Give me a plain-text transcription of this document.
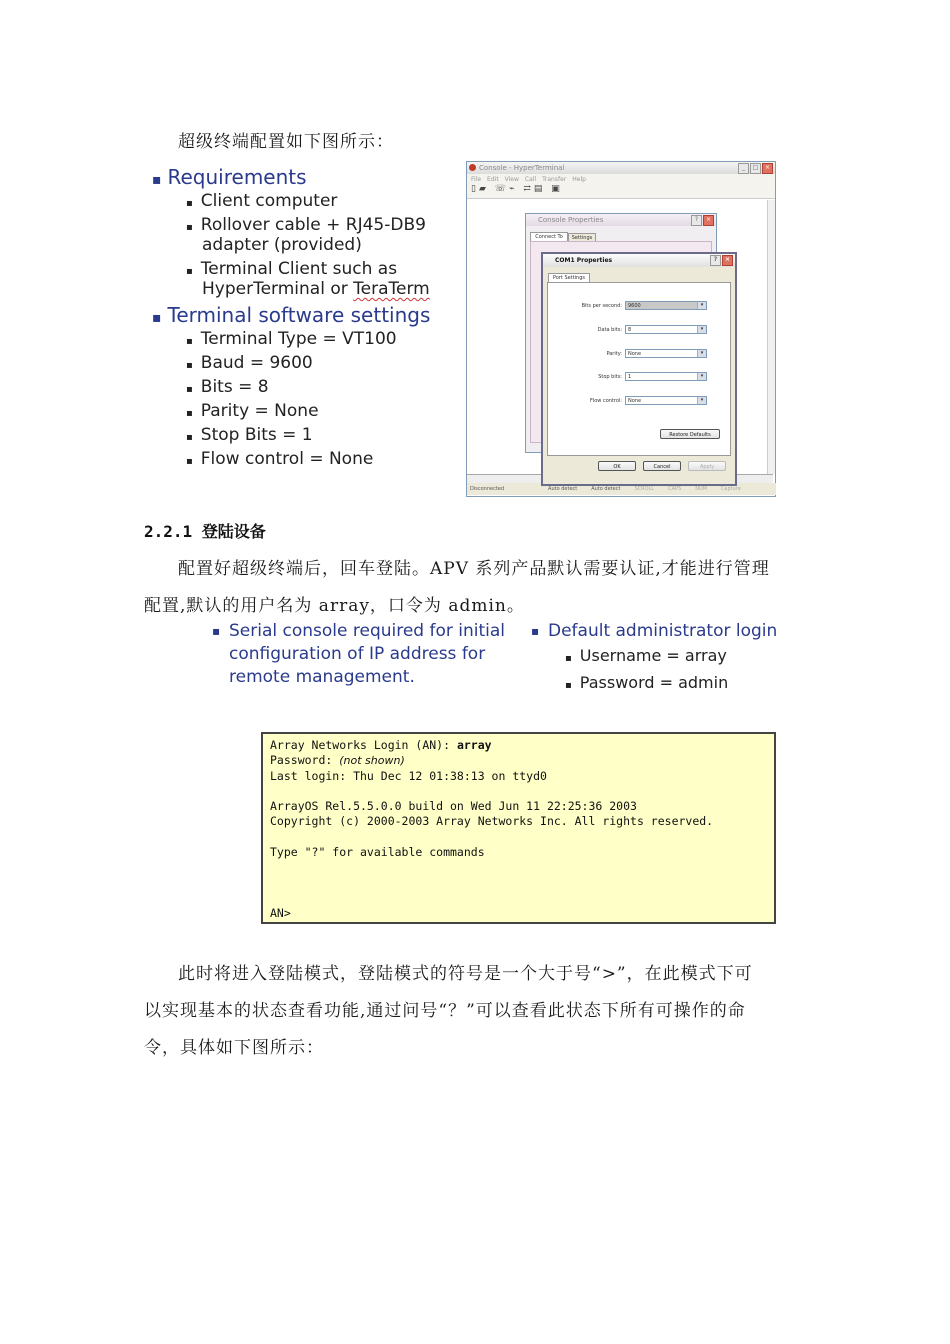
超级终端配置如下图所示：
▪ Requirements
▪ Client computer
▪ Rollover cable + RJ45-DB9
adapter (provided)
▪ Terminal Client such as
HyperTerminal or TeraTerm
▪ Terminal software settings
▪ Terminal Type = VT100
▪ Baud = 9600
▪ Bits = 8
▪ Parity = None
▪ Stop Bits = 1
▪ Flow control = None
Console - HyperTerminal	_	□	×
File Edit View Call Transfer Help
▯▰ ☏⌁ ⇄▤ ▣
Disconnected	Auto detect	Auto detect	SCROLL	CAPS	NUM	Capture
Console Properties	?	×
Connect To	Settings
COM1 Properties	?	×
Port Settings
Bits per second:	9600	▾
Data bits:	8	▾
Parity:	None	▾
Stop bits:	1	▾
Flow control:	None	▾
Restore Defaults
OK	Cancel	Apply
2.2.1 登陆设备
配置好超级终端后，回车登陆。APV 系列产品默认需要认证,才能进行管理
配置,默认的用户名为 array，口令为 admin。
▪ Serial console required for initial
configuration of IP address for
remote management.
▪ Default administrator login
▪ Username = array
▪ Password = admin
Array Networks Login (AN): array
Password: (not shown)
Last login: Thu Dec 12 01:38:13 on ttyd0
ArrayOS Rel.5.5.0.0 build on Wed Jun 11 22:25:36 2003
Copyright (c) 2000-2003 Array Networks Inc. All rights reserved.
Type "?" for available commands
AN>
此时将进入登陆模式，登陆模式的符号是一个大于号“>”，在此模式下可
以实现基本的状态查看功能,通过问号“？”可以查看此状态下所有可操作的命
令，具体如下图所示：
